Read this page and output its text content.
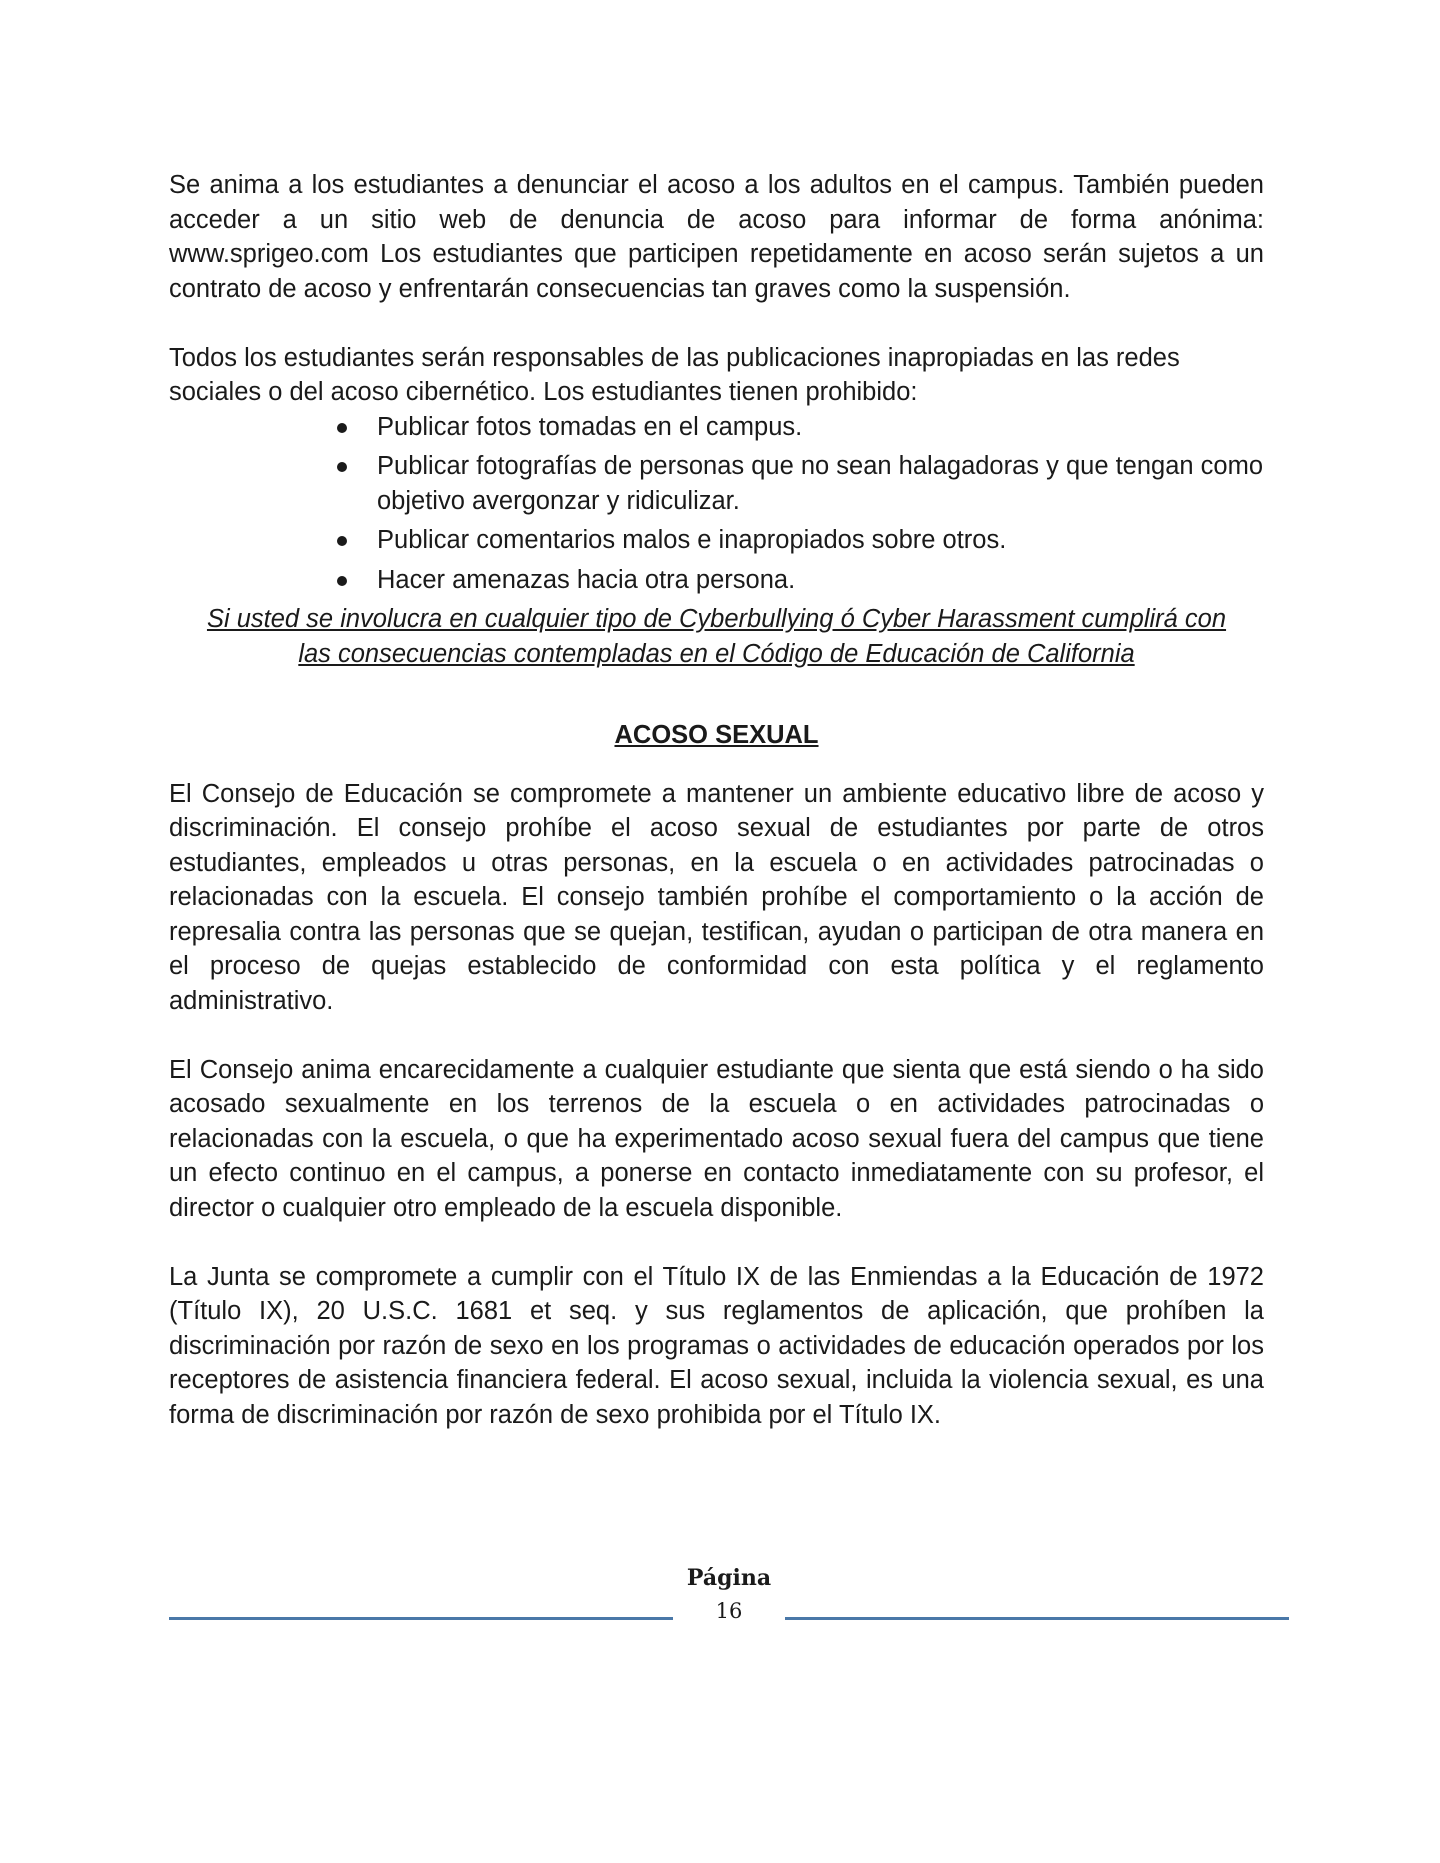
Se anima a los estudiantes a denunciar el acoso a los adultos en el campus. También pueden acceder a un sitio web de denuncia de acoso para informar de forma anónima: www.sprigeo.com Los estudiantes que participen repetidamente en acoso serán sujetos a un contrato de acoso y enfrentarán consecuencias tan graves como la suspensión.

Todos los estudiantes serán responsables de las publicaciones inapropiadas en las redes sociales o del acoso cibernético. Los estudiantes tienen prohibido:

Publicar fotos tomadas en el campus.
Publicar fotografías de personas que no sean halagadoras y que tengan como objetivo avergonzar y ridiculizar.
Publicar comentarios malos e inapropiados sobre otros.
Hacer amenazas hacia otra persona.

Si usted se involucra en cualquier tipo de Cyberbullying ó Cyber Harassment cumplirá con las consecuencias contempladas en el Código de Educación de California

ACOSO SEXUAL

El Consejo de Educación se compromete a mantener un ambiente educativo libre de acoso y discriminación. El consejo prohíbe el acoso sexual de estudiantes por parte de otros estudiantes, empleados u otras personas, en la escuela o en actividades patrocinadas o relacionadas con la escuela. El consejo también prohíbe el comportamiento o la acción de represalia contra las personas que se quejan, testifican, ayudan o participan de otra manera en el proceso de quejas establecido de conformidad con esta política y el reglamento administrativo.

El Consejo anima encarecidamente a cualquier estudiante que sienta que está siendo o ha sido acosado sexualmente en los terrenos de la escuela o en actividades patrocinadas o relacionadas con la escuela, o que ha experimentado acoso sexual fuera del campus que tiene un efecto continuo en el campus, a ponerse en contacto inmediatamente con su profesor, el director o cualquier otro empleado de la escuela disponible.

La Junta se compromete a cumplir con el Título IX de las Enmiendas a la Educación de 1972 (Título IX), 20 U.S.C. 1681 et seq. y sus reglamentos de aplicación, que prohíben la discriminación por razón de sexo en los programas o actividades de educación operados por los receptores de asistencia financiera federal. El acoso sexual, incluida la violencia sexual, es una forma de discriminación por razón de sexo prohibida por el Título IX.

Página
16
